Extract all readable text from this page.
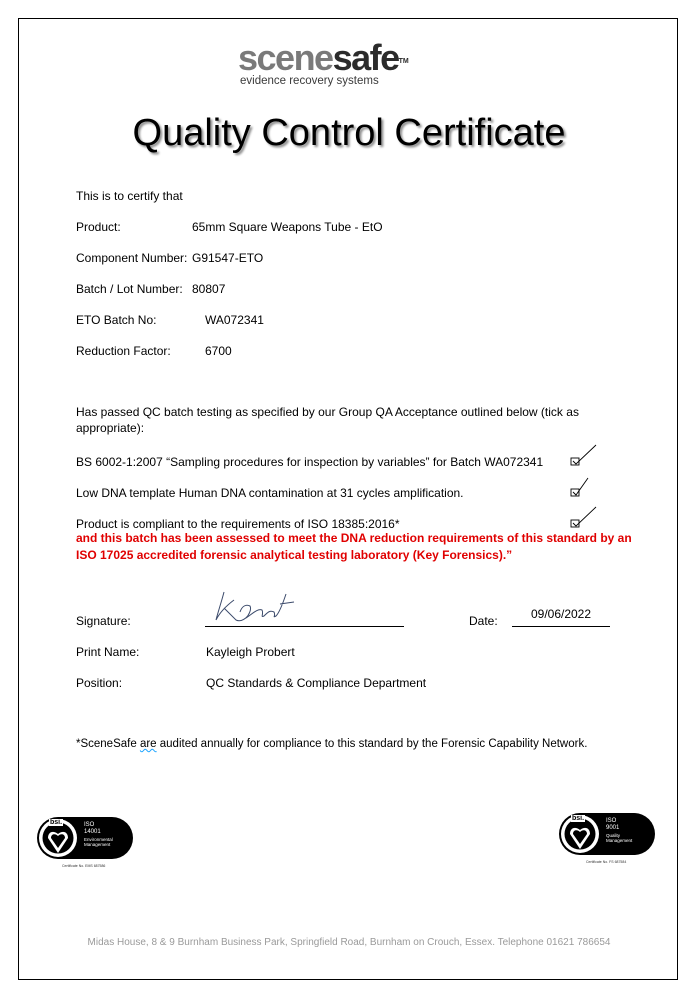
scenesafe™
evidence recovery systems
Quality Control Certificate
This is to certify that
Product:	65mm Square Weapons Tube - EtO
Component Number: G91547-ETO
Batch / Lot Number: 80807
ETO Batch No:	WA072341
Reduction Factor:	6700
Has passed QC batch testing as specified by our Group QA Acceptance outlined below (tick as
appropriate):
BS 6002-1:2007 “Sampling procedures for inspection by variables” for Batch WA072341
Low DNA template Human DNA contamination at 31 cycles amplification.
Product is compliant to the requirements of ISO 18385:2016*
and this batch has been assessed to meet the DNA reduction requirements of this standard by an
ISO 17025 accredited forensic analytical testing laboratory (Key Forensics).”
Signature:	Date:	09/06/2022
Print Name:	Kayleigh Probert
Position:	QC Standards & Compliance Department
*SceneSafe are audited annually for compliance to this standard by the Forensic Capability Network.
bsi.	ISO
14001
Environmental
Management
Certificate No. EMS 687586
bsi.	ISO
9001
Quality
Management
Certificate No. FS 687584
Midas House, 8 & 9 Burnham Business Park, Springfield Road, Burnham on Crouch, Essex. Telephone 01621 786654
